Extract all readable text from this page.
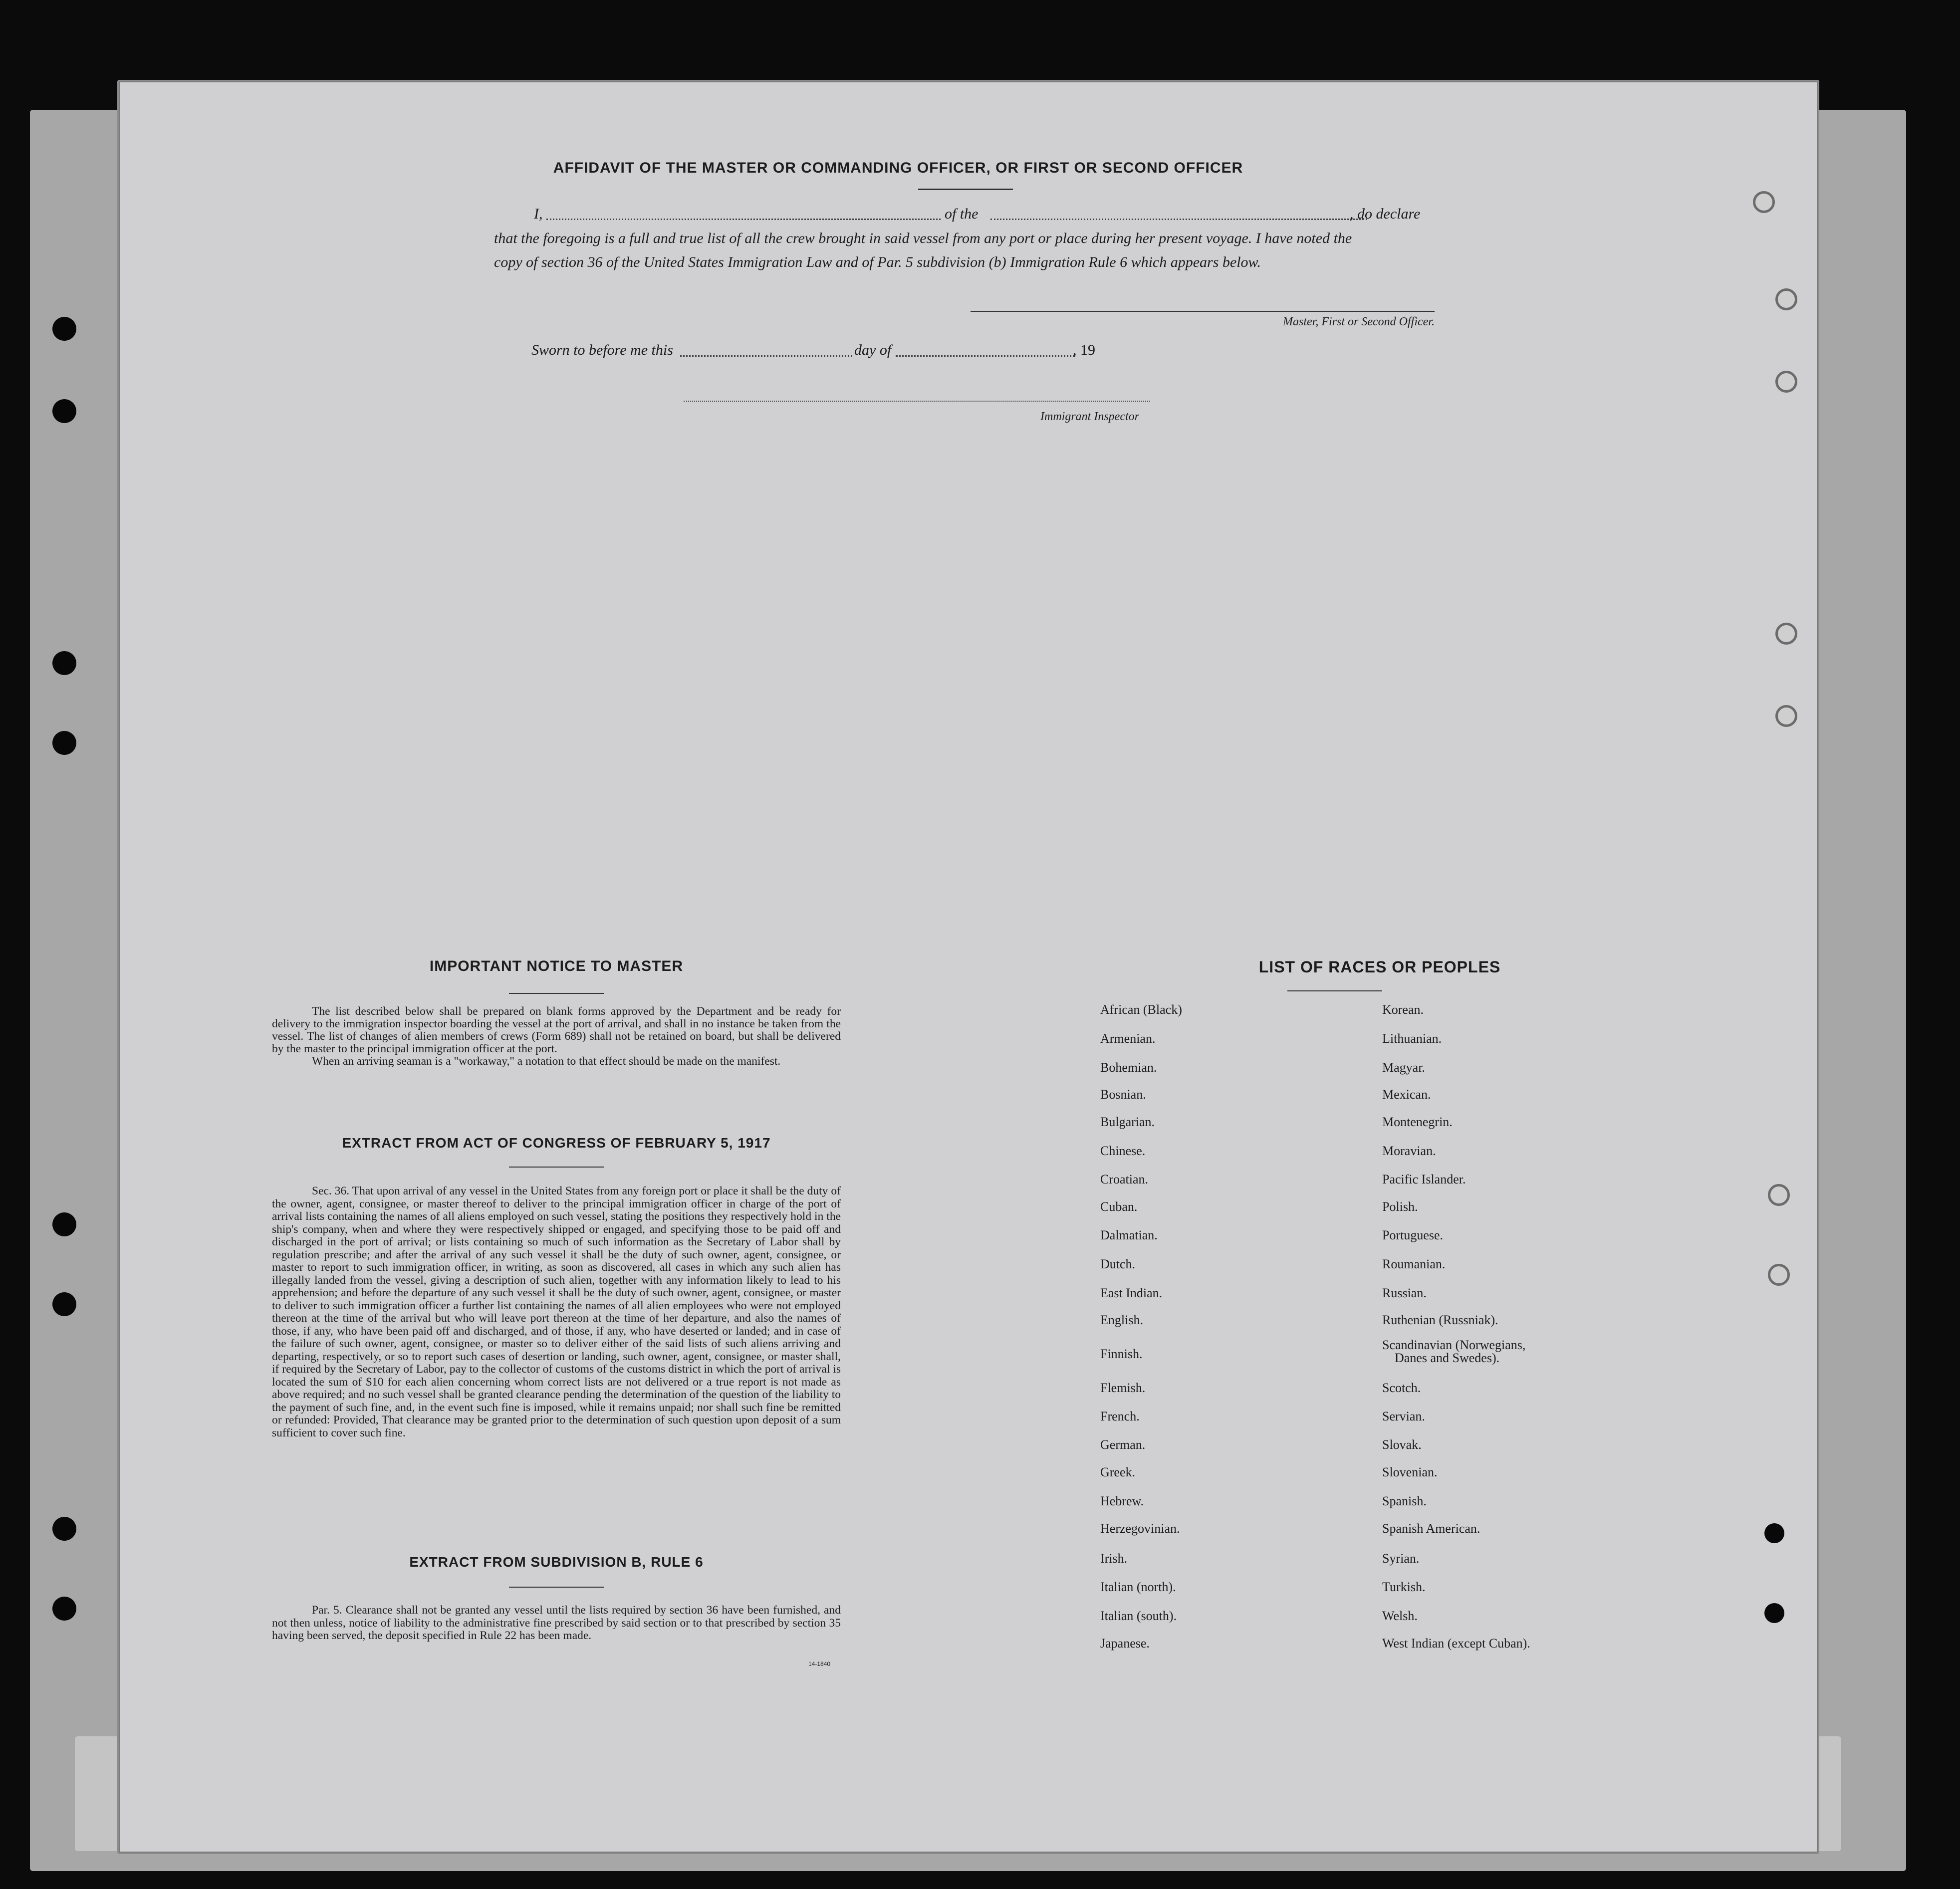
AFFIDAVIT OF THE MASTER OR COMMANDING OFFICER, OR FIRST OR SECOND OFFICER
I,	of the	, do declare
that the foregoing is a full and true list of all the crew brought in said vessel from any port or place during her present voyage. I have noted the
copy of section 36 of the United States Immigration Law and of Par. 5 subdivision (b) Immigration Rule 6 which appears below.
Master, First or Second Officer.
Sworn to before me this	day of	, 19
Immigrant Inspector
IMPORTANT NOTICE TO MASTER

The list described below shall be prepared on blank forms approved by the Department and be ready for delivery to the immigration inspector boarding the vessel at the port of arrival, and shall in no instance be taken from the vessel. The list of changes of alien members of crews (Form 689) shall not be retained on board, but shall be delivered by the master to the principal immigration officer at the port.

When an arriving seaman is a "workaway," a notation to that effect should be made on the manifest.

EXTRACT FROM ACT OF CONGRESS OF FEBRUARY 5, 1917

Sec. 36. That upon arrival of any vessel in the United States from any foreign port or place it shall be the duty of the owner, agent, consignee, or master thereof to deliver to the principal immigration officer in charge of the port of arrival lists containing the names of all aliens employed on such vessel, stating the positions they respectively hold in the ship's company, when and where they were respectively shipped or engaged, and specifying those to be paid off and discharged in the port of arrival; or lists containing so much of such information as the Secretary of Labor shall by regulation prescribe; and after the arrival of any such vessel it shall be the duty of such owner, agent, consignee, or master to report to such immigration officer, in writing, as soon as discovered, all cases in which any such alien has illegally landed from the vessel, giving a description of such alien, together with any information likely to lead to his apprehension; and before the departure of any such vessel it shall be the duty of such owner, agent, consignee, or master to deliver to such immigration officer a further list containing the names of all alien employees who were not employed thereon at the time of the arrival but who will leave port thereon at the time of her departure, and also the names of those, if any, who have been paid off and discharged, and of those, if any, who have deserted or landed; and in case of the failure of such owner, agent, consignee, or master so to deliver either of the said lists of such aliens arriving and departing, respectively, or so to report such cases of desertion or landing, such owner, agent, consignee, or master shall, if required by the Secretary of Labor, pay to the collector of customs of the customs district in which the port of arrival is located the sum of $10 for each alien concerning whom correct lists are not delivered or a true report is not made as above required; and no such vessel shall be granted clearance pending the determination of the question of the liability to the payment of such fine, and, in the event such fine is imposed, while it remains unpaid; nor shall such fine be remitted or refunded: Provided, That clearance may be granted prior to the determination of such question upon deposit of a sum sufficient to cover such fine.

EXTRACT FROM SUBDIVISION B, RULE 6

Par. 5. Clearance shall not be granted any vessel until the lists required by section 36 have been furnished, and not then unless, notice of liability to the administrative fine prescribed by said section or to that prescribed by section 35 having been served, the deposit specified in Rule 22 has been made.

14-1840
LIST OF RACES OR PEOPLES
African (Black)
Armenian.
Bohemian.
Bosnian.
Bulgarian.
Chinese.
Croatian.
Cuban.
Dalmatian.
Dutch.
East Indian.
English.
Finnish.
Flemish.
French.
German.
Greek.
Hebrew.
Herzegovinian.
Irish.
Italian (north).
Italian (south).
Japanese.
Korean.
Lithuanian.
Magyar.
Mexican.
Montenegrin.
Moravian.
Pacific Islander.
Polish.
Portuguese.
Roumanian.
Russian.
Ruthenian (Russniak).
Scandinavian (Norwegians,
Danes and Swedes).
Scotch.
Servian.
Slovak.
Slovenian.
Spanish.
Spanish American.
Syrian.
Turkish.
Welsh.
West Indian (except Cuban).
